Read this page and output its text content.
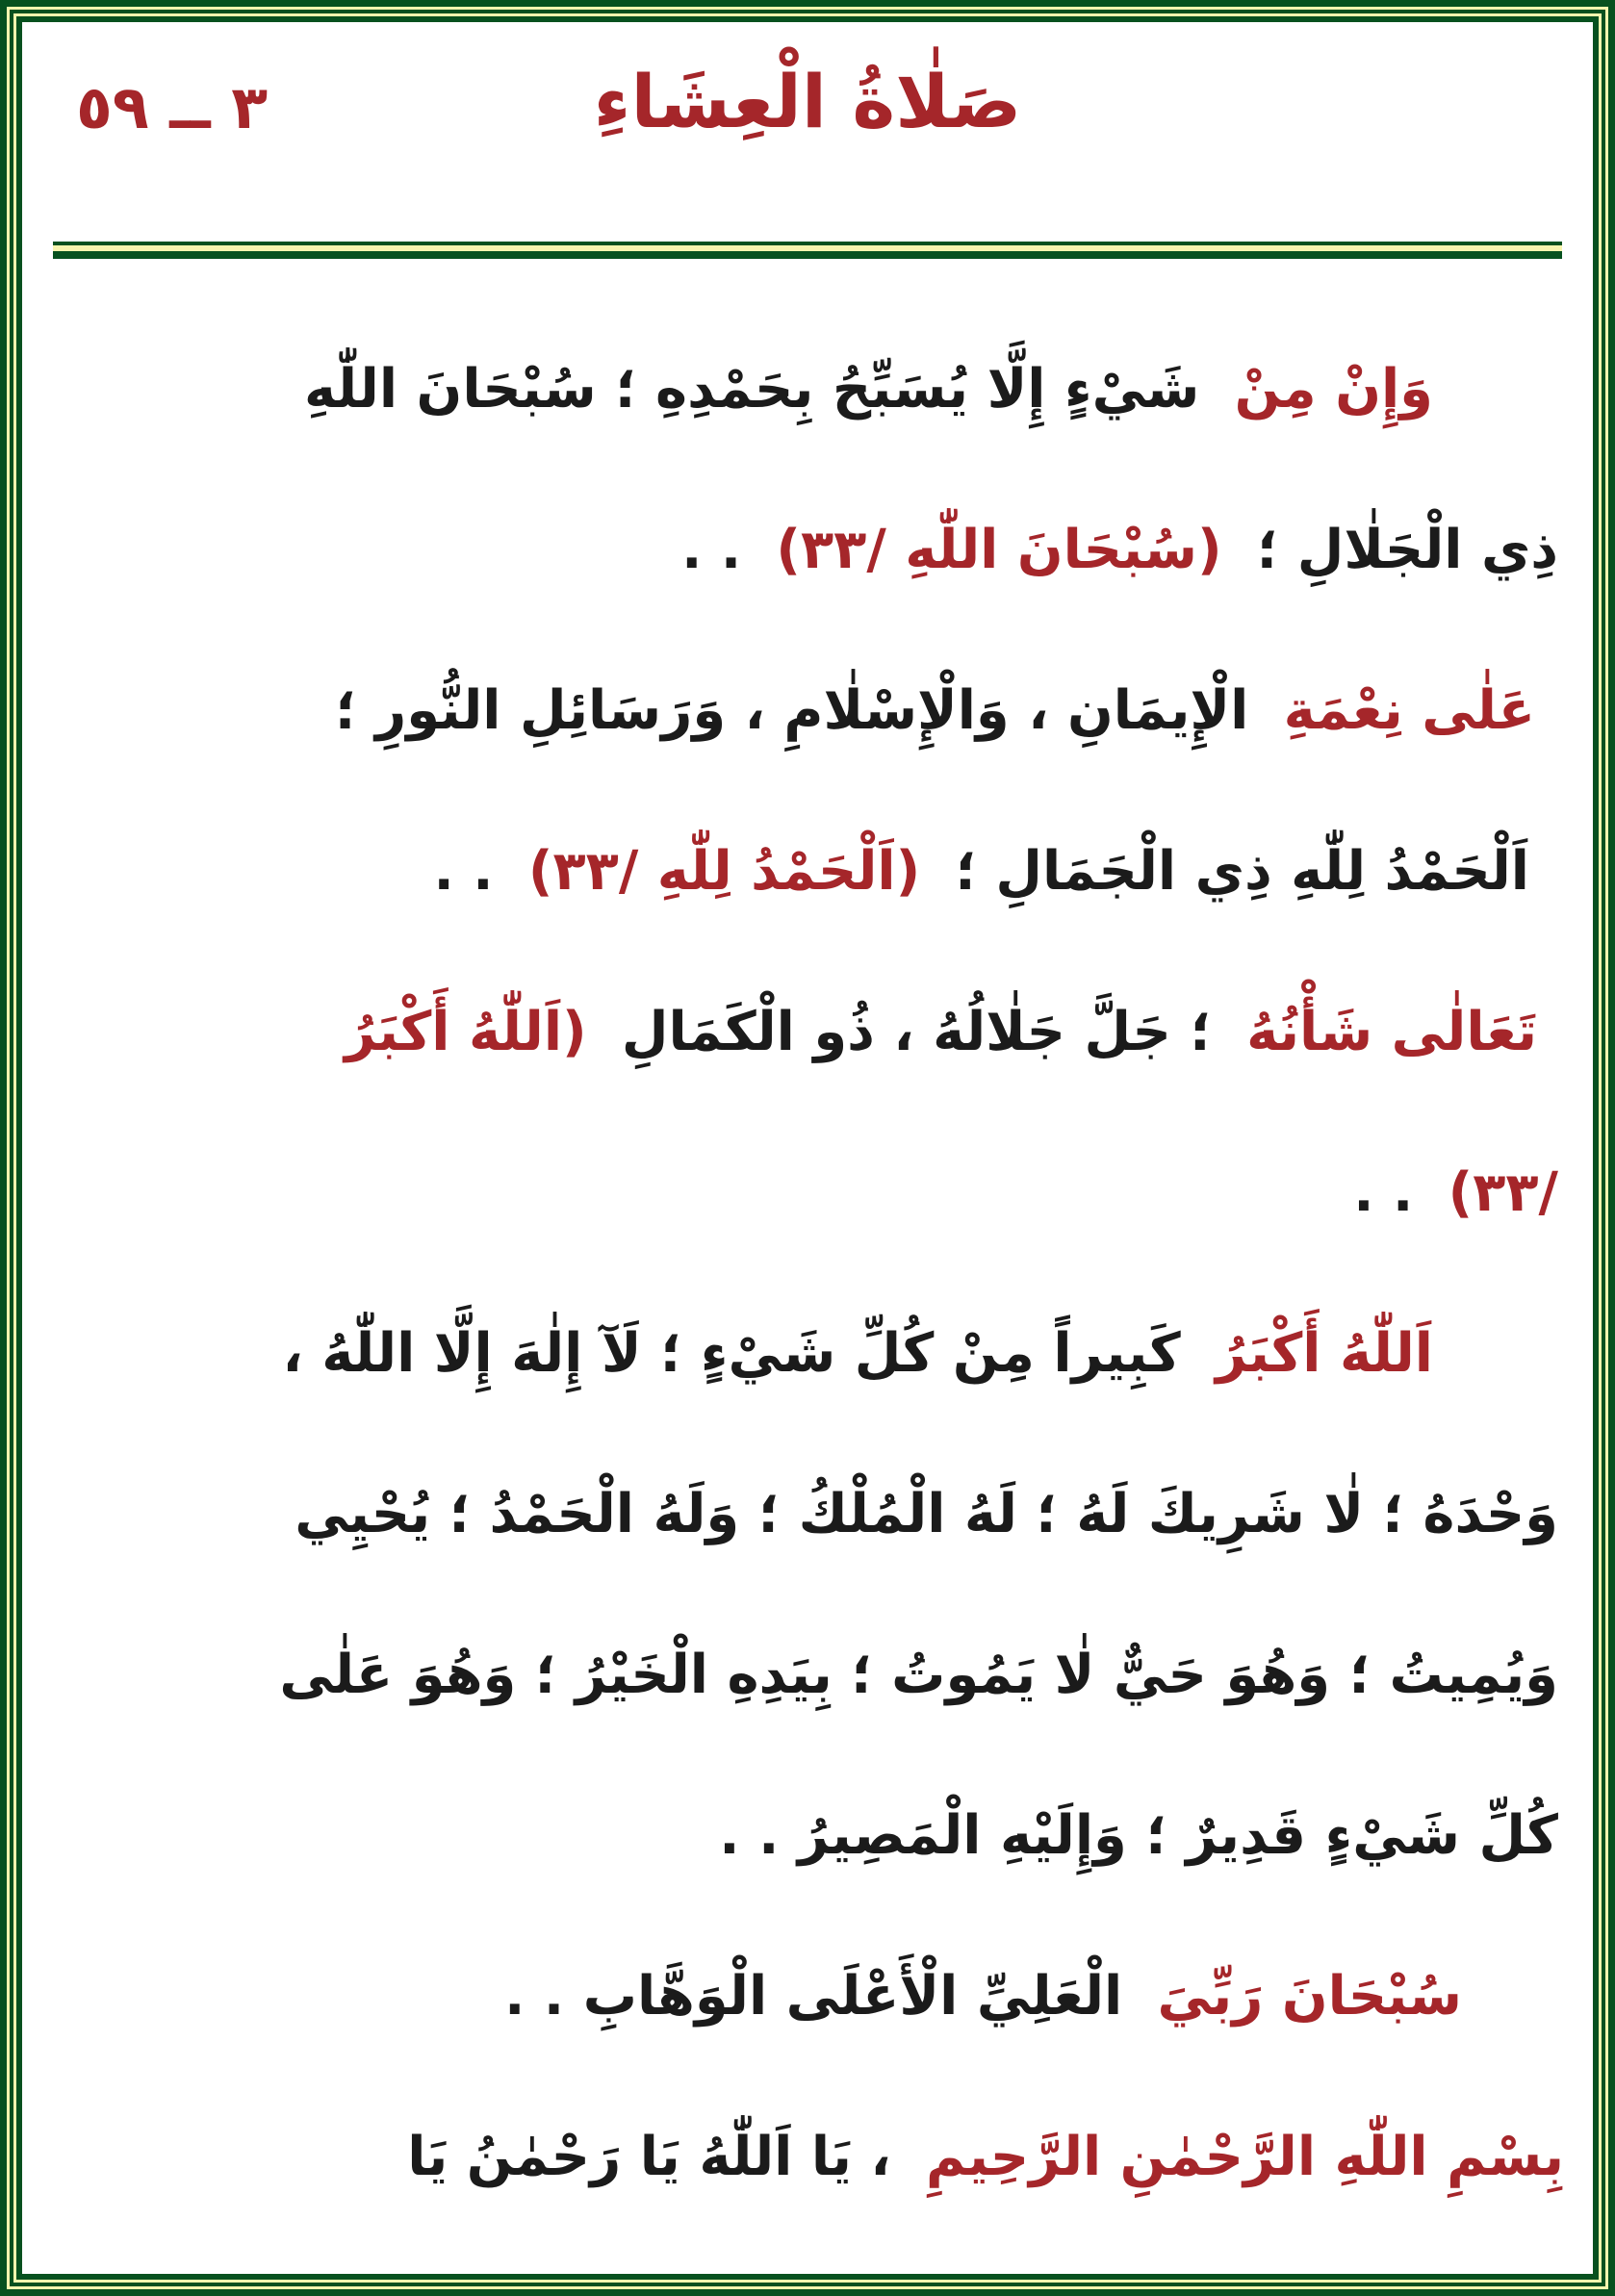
٣ ــ ٥٩	صَلٰاةُ الْعِشَاءِ
وَإِنْ مِنْ شَيْءٍ إِلَّا يُسَبِّحُ بِحَمْدِهِ ؛ سُبْحَانَ اللّٰهِ
ذِي الْجَلٰالِ ؛ (سُبْحَانَ اللّٰهِ /٣٣) . .
عَلٰى نِعْمَةِ الْإِيمَانِ ، وَالْإِسْلٰامِ ، وَرَسَائِلِ النُّورِ ؛
اَلْحَمْدُ لِلّٰهِ ذِي الْجَمَالِ ؛ (اَلْحَمْدُ لِلّٰهِ /٣٣) . .
تَعَالٰى شَأْنُهُ ؛ جَلَّ جَلٰالُهُ ، ذُو الْكَمَالِ (اَللّٰهُ أَكْبَرُ
/٣٣) . .
اَللّٰهُ أَكْبَرُ كَبِيراً مِنْ كُلِّ شَيْءٍ ؛ لَآ إِلٰهَ إِلَّا اللّٰهُ ،
وَحْدَهُ ؛ لٰا شَرِيكَ لَهُ ؛ لَهُ الْمُلْكُ ؛ وَلَهُ الْحَمْدُ ؛ يُحْيِي
وَيُمِيتُ ؛ وَهُوَ حَيٌّ لٰا يَمُوتُ ؛ بِيَدِهِ الْخَيْرُ ؛ وَهُوَ عَلٰى
كُلِّ شَيْءٍ قَدِيرٌ ؛ وَإِلَيْهِ الْمَصِيرُ . .
سُبْحَانَ رَبِّيَ الْعَلِيِّ الْأَعْلَى الْوَهَّابِ . .
بِسْمِ اللّٰهِ الرَّحْمٰنِ الرَّحِيمِ ، يَا اَللّٰهُ يَا رَحْمٰنُ يَا
